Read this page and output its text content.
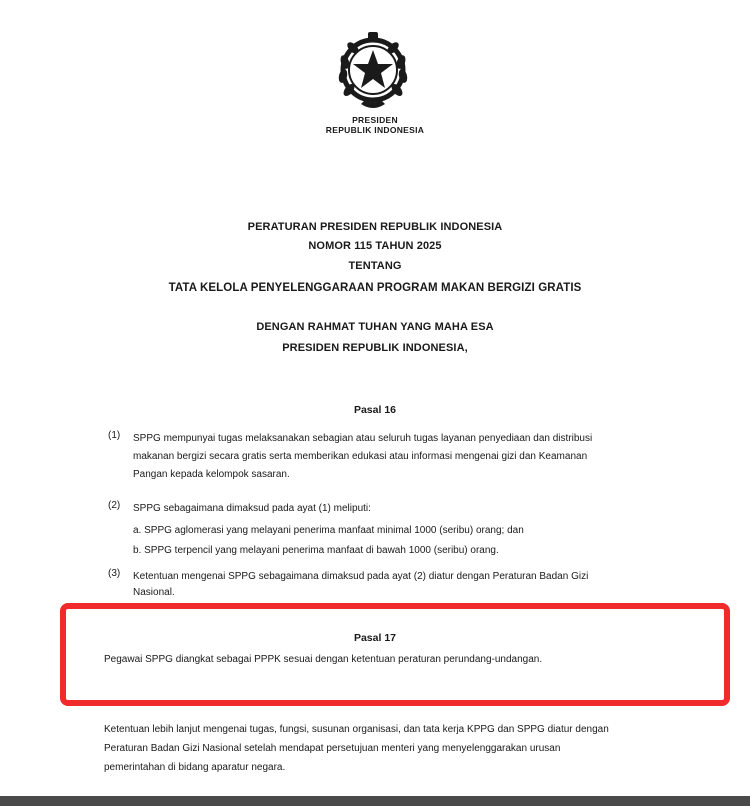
PRESIDEN
REPUBLIK INDONESIA
PERATURAN PRESIDEN REPUBLIK INDONESIA
NOMOR 115 TAHUN 2025
TENTANG
TATA KELOLA PENYELENGGARAAN PROGRAM MAKAN BERGIZI GRATIS
DENGAN RAHMAT TUHAN YANG MAHA ESA
PRESIDEN REPUBLIK INDONESIA,
Pasal 16
(1) SPPG mempunyai tugas melaksanakan sebagian atau seluruh tugas layanan penyediaan dan distribusi
makanan bergizi secara gratis serta memberikan edukasi atau informasi mengenai gizi dan Keamanan
Pangan kepada kelompok sasaran.
(2) SPPG sebagaimana dimaksud pada ayat (1) meliputi:
a. SPPG aglomerasi yang melayani penerima manfaat minimal 1000 (seribu) orang; dan
b. SPPG terpencil yang melayani penerima manfaat di bawah 1000 (seribu) orang.
(3) Ketentuan mengenai SPPG sebagaimana dimaksud pada ayat (2) diatur dengan Peraturan Badan Gizi
Nasional.
Pasal 17
Pegawai SPPG diangkat sebagai PPPK sesuai dengan ketentuan peraturan perundang-undangan.
Ketentuan lebih lanjut mengenai tugas, fungsi, susunan organisasi, dan tata kerja KPPG dan SPPG diatur dengan
Peraturan Badan Gizi Nasional setelah mendapat persetujuan menteri yang menyelenggarakan urusan
pemerintahan di bidang aparatur negara.
